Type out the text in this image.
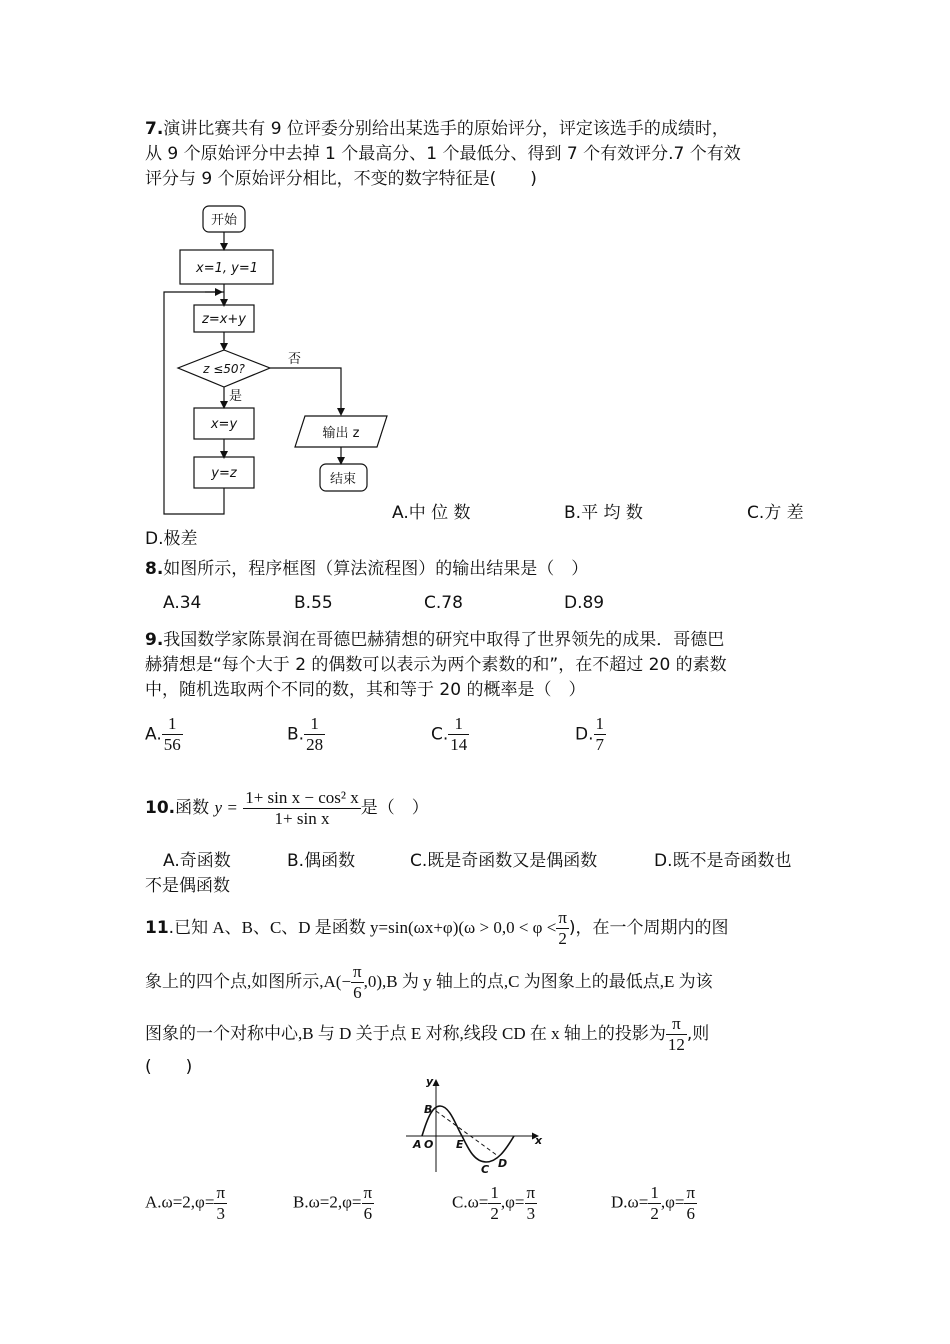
7.演讲比赛共有 9 位评委分别给出某选手的原始评分，评定该选手的成绩时，
从 9 个原始评分中去掉 1 个最高分、1 个最低分、得到 7 个有效评分.7 个有效
评分与 9 个原始评分相比，不变的数字特征是(　　)
开始
x=1, y=1
z=x+y
z ≤50?
否
是
x=y
y=z
输出 z
结束
A.中 位 数	B.平 均 数	C.方 差
D.极差
8.如图所示，程序框图（算法流程图）的输出结果是（　）
A.34	B.55	C.78	D.89
9.我国数学家陈景润在哥德巴赫猜想的研究中取得了世界领先的成果．哥德巴
赫猜想是“每个大于 2 的偶数可以表示为两个素数的和”，在不超过 20 的素数
中，随机选取两个不同的数，其和等于 20 的概率是（　）
A. $\frac{1}{56}$	B. $\frac{1}{28}$	C. $\frac{1}{14}$	D. $\frac{1}{7}$
10.函数 $y = \frac{\text{1+ sin x − cos² x}}{\text{1+ sin x}}$ 是（　）
A.奇函数	B.偶函数	C.既是奇函数又是偶函数	D.既不是奇函数也
不是偶函数
11.已知 A、B、C、D 是函数 $y=\sin(\omega x+\varphi)(\omega > 0,0 < \varphi < \frac{\pi}{2}$ )，在一个周期内的图
象上的四个点,如图所示$,A(- \frac{\pi}{6} ,0),B$ 为 y 轴上的点,C 为图象上的最低点,E 为该
图象的一个对称中心,B 与 D 关于点 E 对称,线段 CD 在 x 轴上的投影为 $\frac{\pi}{12}$ ,则
(　　)
y
x
B
A O E
C D
$A.\omega=2,\varphi= \frac{\pi}{3}$	$B.\omega=2,\varphi= \frac{\pi}{6}$	$C.\omega= \frac{1}{2} ,\varphi= \frac{\pi}{3}$	$D.\omega= \frac{1}{2} ,\varphi= \frac{\pi}{6}$
